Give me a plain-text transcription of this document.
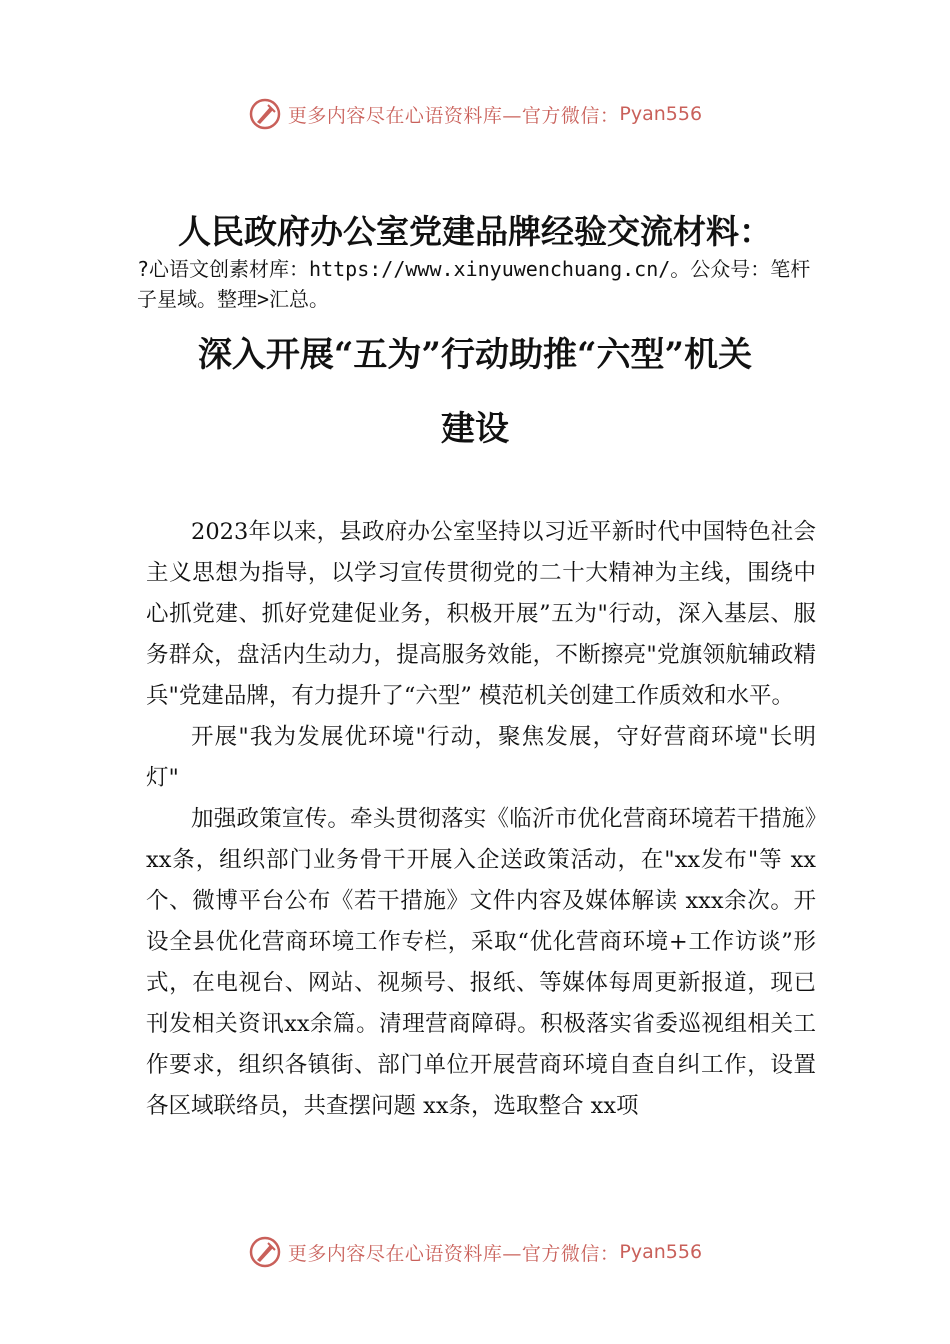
更多内容尽在心语资料库—官方微信： Pyan556
人民政府办公室党建品牌经验交流材料：
?心语文创素材库：https://www.xinyuwenchuang.cn/。公众号：笔杆子星域。整理>汇总。
深入开展“五为”行动助推“六型”机关
建设

2023年以来，县政府办公室坚持以习近平新时代中国特色社会主义思想为指导，以学习宣传贯彻党的二十大精神为主线，围绕中心抓党建、抓好党建促业务，积极开展”五为"行动，深入基层、服务群众，盘活内生动力，提高服务效能，不断擦亮"党旗领航辅政精兵"党建品牌，有力提升了“六型” 模范机关创建工作质效和水平。

开展"我为发展优环境"行动，聚焦发展，守好营商环境"长明灯"

加强政策宣传。牵头贯彻落实《临沂市优化营商环境若干措施》xx条，组织部门业务骨干开展入企送政策活动，在"xx发布"等 xx个、微博平台公布《若干措施》文件内容及媒体解读 xxx余次。开设全县优化营商环境工作专栏，采取“优化营商环境+工作访谈”形式，在电视台、网站、视频号、报纸、等媒体每周更新报道，现已刊发相关资讯xx余篇。清理营商障碍。积极落实省委巡视组相关工作要求，组织各镇街、部门单位开展营商环境自查自纠工作，设置各区域联络员，共查摆问题 xx条，选取整合 xx项

更多内容尽在心语资料库—官方微信： Pyan556
